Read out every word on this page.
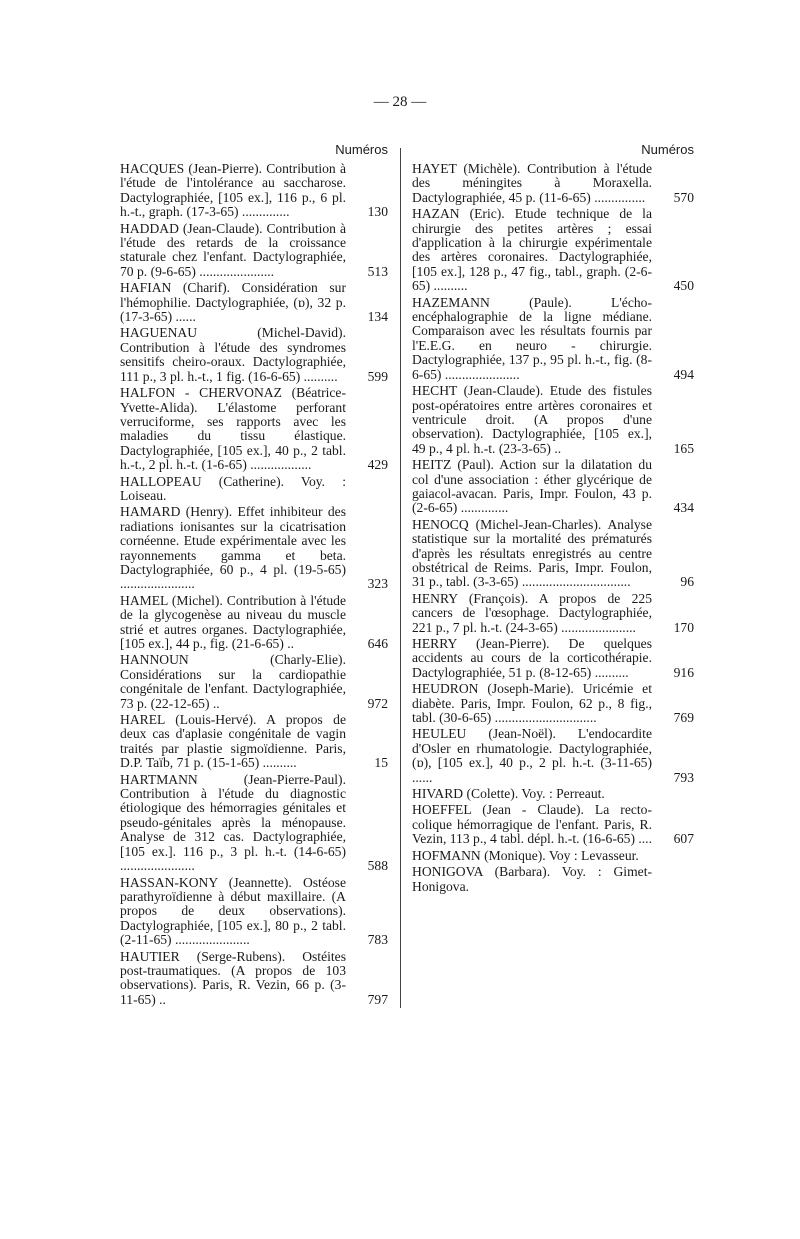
— 28 —
Numéros
HACQUES (Jean-Pierre). Contribution à l'étude de l'intolérance au saccharose. Dactylographiée, [105 ex.], 116 p., 6 pl. h.-t., graph. (17-3-65) ..............	130
HADDAD (Jean-Claude). Contribution à l'étude des retards de la croissance staturale chez l'enfant. Dactylographiée, 70 p. (9-6-65) ......................	513
HAFIAN (Charif). Considération sur l'hémophilie. Dactylographiée, (ɒ), 32 p. (17-3-65) ......	134
HAGUENAU (Michel-David). Contribution à l'étude des syndromes sensitifs cheiro-oraux. Dactylographiée, 111 p., 3 pl. h.-t., 1 fig. (16-6-65) ..........	599
HALFON - CHERVONAZ (Béatrice-Yvette-Alida). L'élastome perforant verruciforme, ses rapports avec les maladies du tissu élastique. Dactylographiée, [105 ex.], 40 p., 2 tabl. h.-t., 2 pl. h.-t. (1-6-65) ..................	429
HALLOPEAU (Catherine). Voy. : Loiseau.
HAMARD (Henry). Effet inhibiteur des radiations ionisantes sur la cicatrisation cornéenne. Etude expérimentale avec les rayonnements gamma et beta. Dactylographiée, 60 p., 4 pl. (19-5-65) ......................	323
HAMEL (Michel). Contribution à l'étude de la glycogenèse au niveau du muscle strié et autres organes. Dactylographiée, [105 ex.], 44 p., fig. (21-6-65) ..	646
HANNOUN (Charly-Elie). Considérations sur la cardiopathie congénitale de l'enfant. Dactylographiée, 73 p. (22-12-65) ..	972
HAREL (Louis-Hervé). A propos de deux cas d'aplasie congénitale de vagin traités par plastie sigmoïdienne. Paris, D.P. Taïb, 71 p. (15-1-65) ..........	15
HARTMANN (Jean-Pierre-Paul). Contribution à l'étude du diagnostic étiologique des hémorragies génitales et pseudo-génitales après la ménopause. Analyse de 312 cas. Dactylographiée, [105 ex.]. 116 p., 3 pl. h.-t. (14-6-65) ......................	588
HASSAN-KONY (Jeannette). Ostéose parathyroïdienne à début maxillaire. (A propos de deux observations). Dactylographiée, [105 ex.], 80 p., 2 tabl. (2-11-65) ......................	783
HAUTIER (Serge-Rubens). Ostéites post-traumatiques. (A propos de 103 observations). Paris, R. Vezin, 66 p. (3-11-65) ..	797
Numéros
HAYET (Michèle). Contribution à l'étude des méningites à Moraxella. Dactylographiée, 45 p. (11-6-65) ...............	570
HAZAN (Eric). Etude technique de la chirurgie des petites artères ; essai d'application à la chirurgie expérimentale des artères coronaires. Dactylographiée, [105 ex.], 128 p., 47 fig., tabl., graph. (2-6-65) ..........	450
HAZEMANN (Paule). L'écho-encéphalographie de la ligne médiane. Comparaison avec les résultats fournis par l'E.E.G. en neuro - chirurgie. Dactylographiée, 137 p., 95 pl. h.-t., fig. (8-6-65) ......................	494
HECHT (Jean-Claude). Etude des fistules post-opératoires entre artères coronaires et ventricule droit. (A propos d'une observation). Dactylographiée, [105 ex.], 49 p., 4 pl. h.-t. (23-3-65) ..	165
HEITZ (Paul). Action sur la dilatation du col d'une association : éther glycérique de gaiacol-avacan. Paris, Impr. Foulon, 43 p. (2-6-65) ..............	434
HENOCQ (Michel-Jean-Charles). Analyse statistique sur la mortalité des prématurés d'après les résultats enregistrés au centre obstétrical de Reims. Paris, Impr. Foulon, 31 p., tabl. (3-3-65) ................................	96
HENRY (François). A propos de 225 cancers de l'œsophage. Dactylographiée, 221 p., 7 pl. h.-t. (24-3-65) ......................	170
HERRY (Jean-Pierre). De quelques accidents au cours de la corticothérapie. Dactylographiée, 51 p. (8-12-65) ..........	916
HEUDRON (Joseph-Marie). Uricémie et diabète. Paris, Impr. Foulon, 62 p., 8 fig., tabl. (30-6-65) ..............................	769
HEULEU (Jean-Noël). L'endocardite d'Osler en rhumatologie. Dactylographiée, (ɒ), [105 ex.], 40 p., 2 pl. h.-t. (3-11-65) ......	793
HIVARD (Colette). Voy. : Perreaut.
HOEFFEL (Jean - Claude). La recto-colique hémorragique de l'enfant. Paris, R. Vezin, 113 p., 4 tabl. dépl. h.-t. (16-6-65) ....	607
HOFMANN (Monique). Voy : Levasseur.
HONIGOVA (Barbara). Voy. : Gimet-Honigova.
